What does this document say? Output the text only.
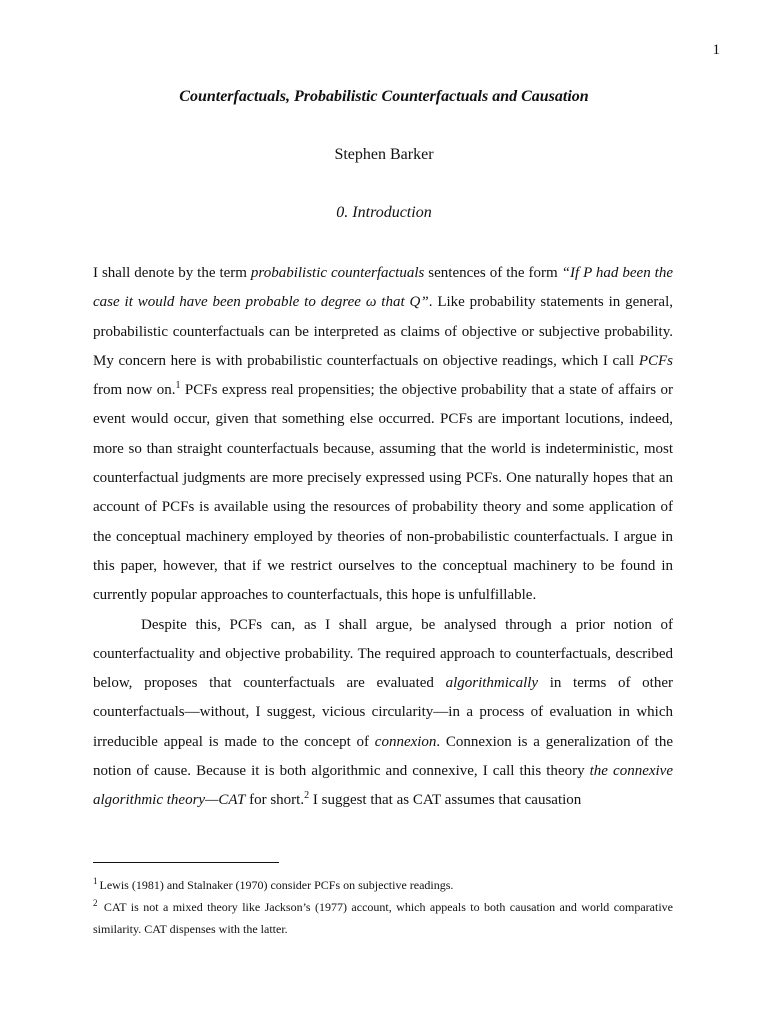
1
Counterfactuals, Probabilistic Counterfactuals and Causation
Stephen Barker
0. Introduction

I shall denote by the term probabilistic counterfactuals sentences of the form “If P had been the case it would have been probable to degree ω that Q”. Like probability statements in general, probabilistic counterfactuals can be interpreted as claims of objective or subjective probability. My concern here is with probabilistic counterfactuals on objective readings, which I call PCFs from now on.$^1$ PCFs express real propensities; the objective probability that a state of affairs or event would occur, given that something else occurred. PCFs are important locutions, indeed, more so than straight counterfactuals because, assuming that the world is indeterministic, most counterfactual judgments are more precisely expressed using PCFs. One naturally hopes that an account of PCFs is available using the resources of probability theory and some application of the conceptual machinery employed by theories of non-probabilistic counterfactuals. I argue in this paper, however, that if we restrict ourselves to the conceptual machinery to be found in currently popular approaches to counterfactuals, this hope is unfulfillable.

Despite this, PCFs can, as I shall argue, be analysed through a prior notion of counterfactuality and objective probability. The required approach to counterfactuals, described below, proposes that counterfactuals are evaluated algorithmically in terms of other counterfactuals—without, I suggest, vicious circularity—in a process of evaluation in which irreducible appeal is made to the concept of connexion. Connexion is a generalization of the notion of cause. Because it is both algorithmic and connexive, I call this theory the connexive algorithmic theory—CAT for short.$^2$ I suggest that as CAT assumes that causation

$^1$ Lewis (1981) and Stalnaker (1970) consider PCFs on subjective readings.

$^2$ CAT is not a mixed theory like Jackson’s (1977) account, which appeals to both causation and world comparative similarity. CAT dispenses with the latter.
